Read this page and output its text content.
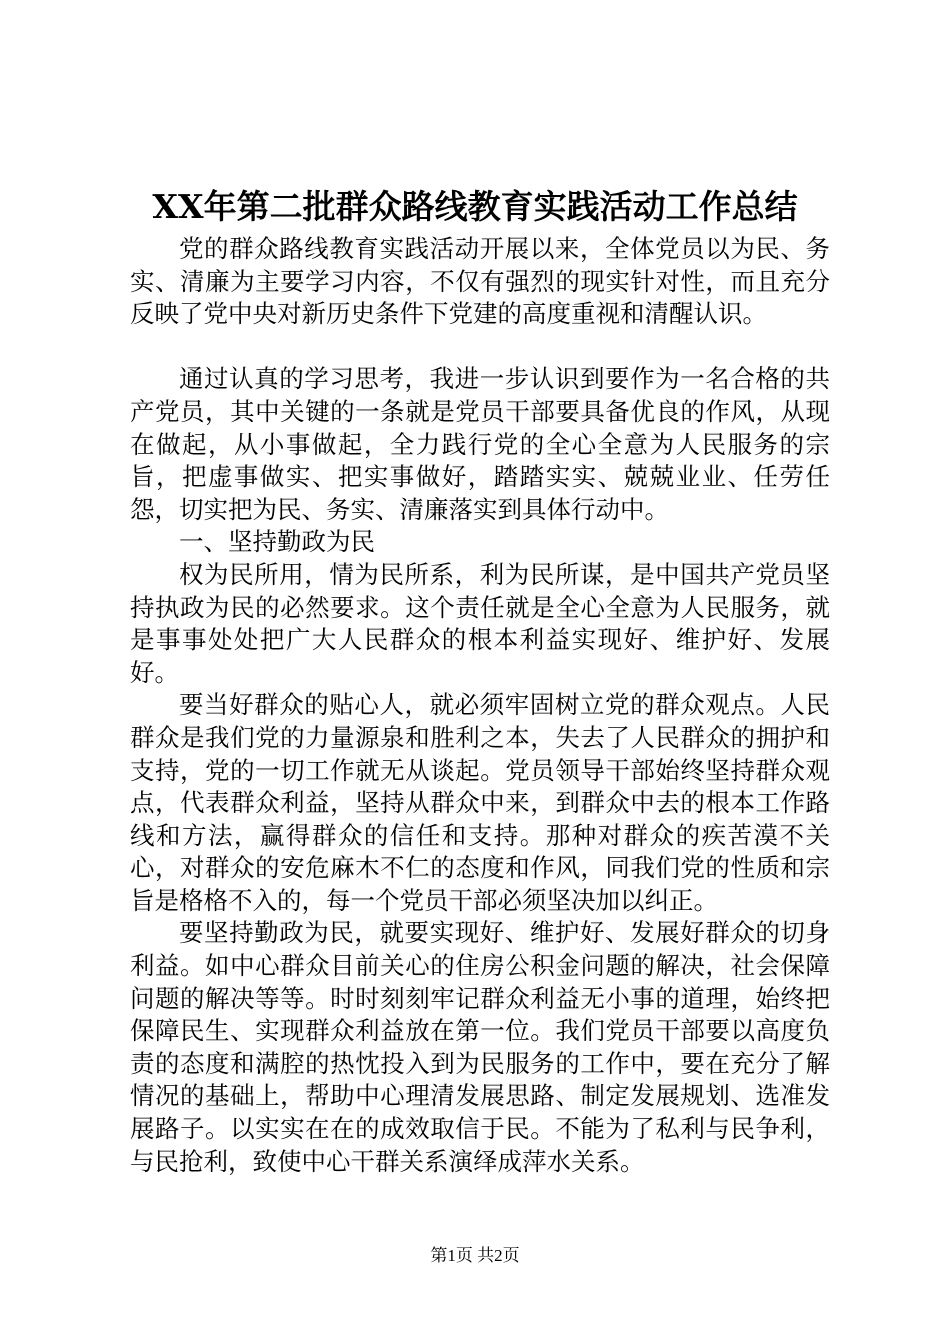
XX年第二批群众路线教育实践活动工作总结

党的群众路线教育实践活动开展以来，全体党员以为民、务实、清廉为主要学习内容，不仅有强烈的现实针对性，而且充分反映了党中央对新历史条件下党建的高度重视和清醒认识。

通过认真的学习思考，我进一步认识到要作为一名合格的共产党员，其中关键的一条就是党员干部要具备优良的作风，从现在做起，从小事做起，全力践行党的全心全意为人民服务的宗旨，把虚事做实、把实事做好，踏踏实实、兢兢业业、任劳任怨，切实把为民、务实、清廉落实到具体行动中。

一、坚持勤政为民

权为民所用，情为民所系，利为民所谋，是中国共产党员坚持执政为民的必然要求。这个责任就是全心全意为人民服务，就是事事处处把广大人民群众的根本利益实现好、维护好、发展好。

要当好群众的贴心人，就必须牢固树立党的群众观点。人民群众是我们党的力量源泉和胜利之本，失去了人民群众的拥护和支持，党的一切工作就无从谈起。党员领导干部始终坚持群众观点，代表群众利益，坚持从群众中来，到群众中去的根本工作路线和方法，赢得群众的信任和支持。那种对群众的疾苦漠不关心，对群众的安危麻木不仁的态度和作风，同我们党的性质和宗旨是格格不入的，每一个党员干部必须坚决加以纠正。

要坚持勤政为民，就要实现好、维护好、发展好群众的切身利益。如中心群众目前关心的住房公积金问题的解决，社会保障问题的解决等等。时时刻刻牢记群众利益无小事的道理，始终把保障民生、实现群众利益放在第一位。我们党员干部要以高度负责的态度和满腔的热忱投入到为民服务的工作中，要在充分了解情况的基础上，帮助中心理清发展思路、制定发展规划、选准发展路子。以实实在在的成效取信于民。不能为了私利与民争利，与民抢利，致使中心干群关系演绎成萍水关系。

第1页 共2页
